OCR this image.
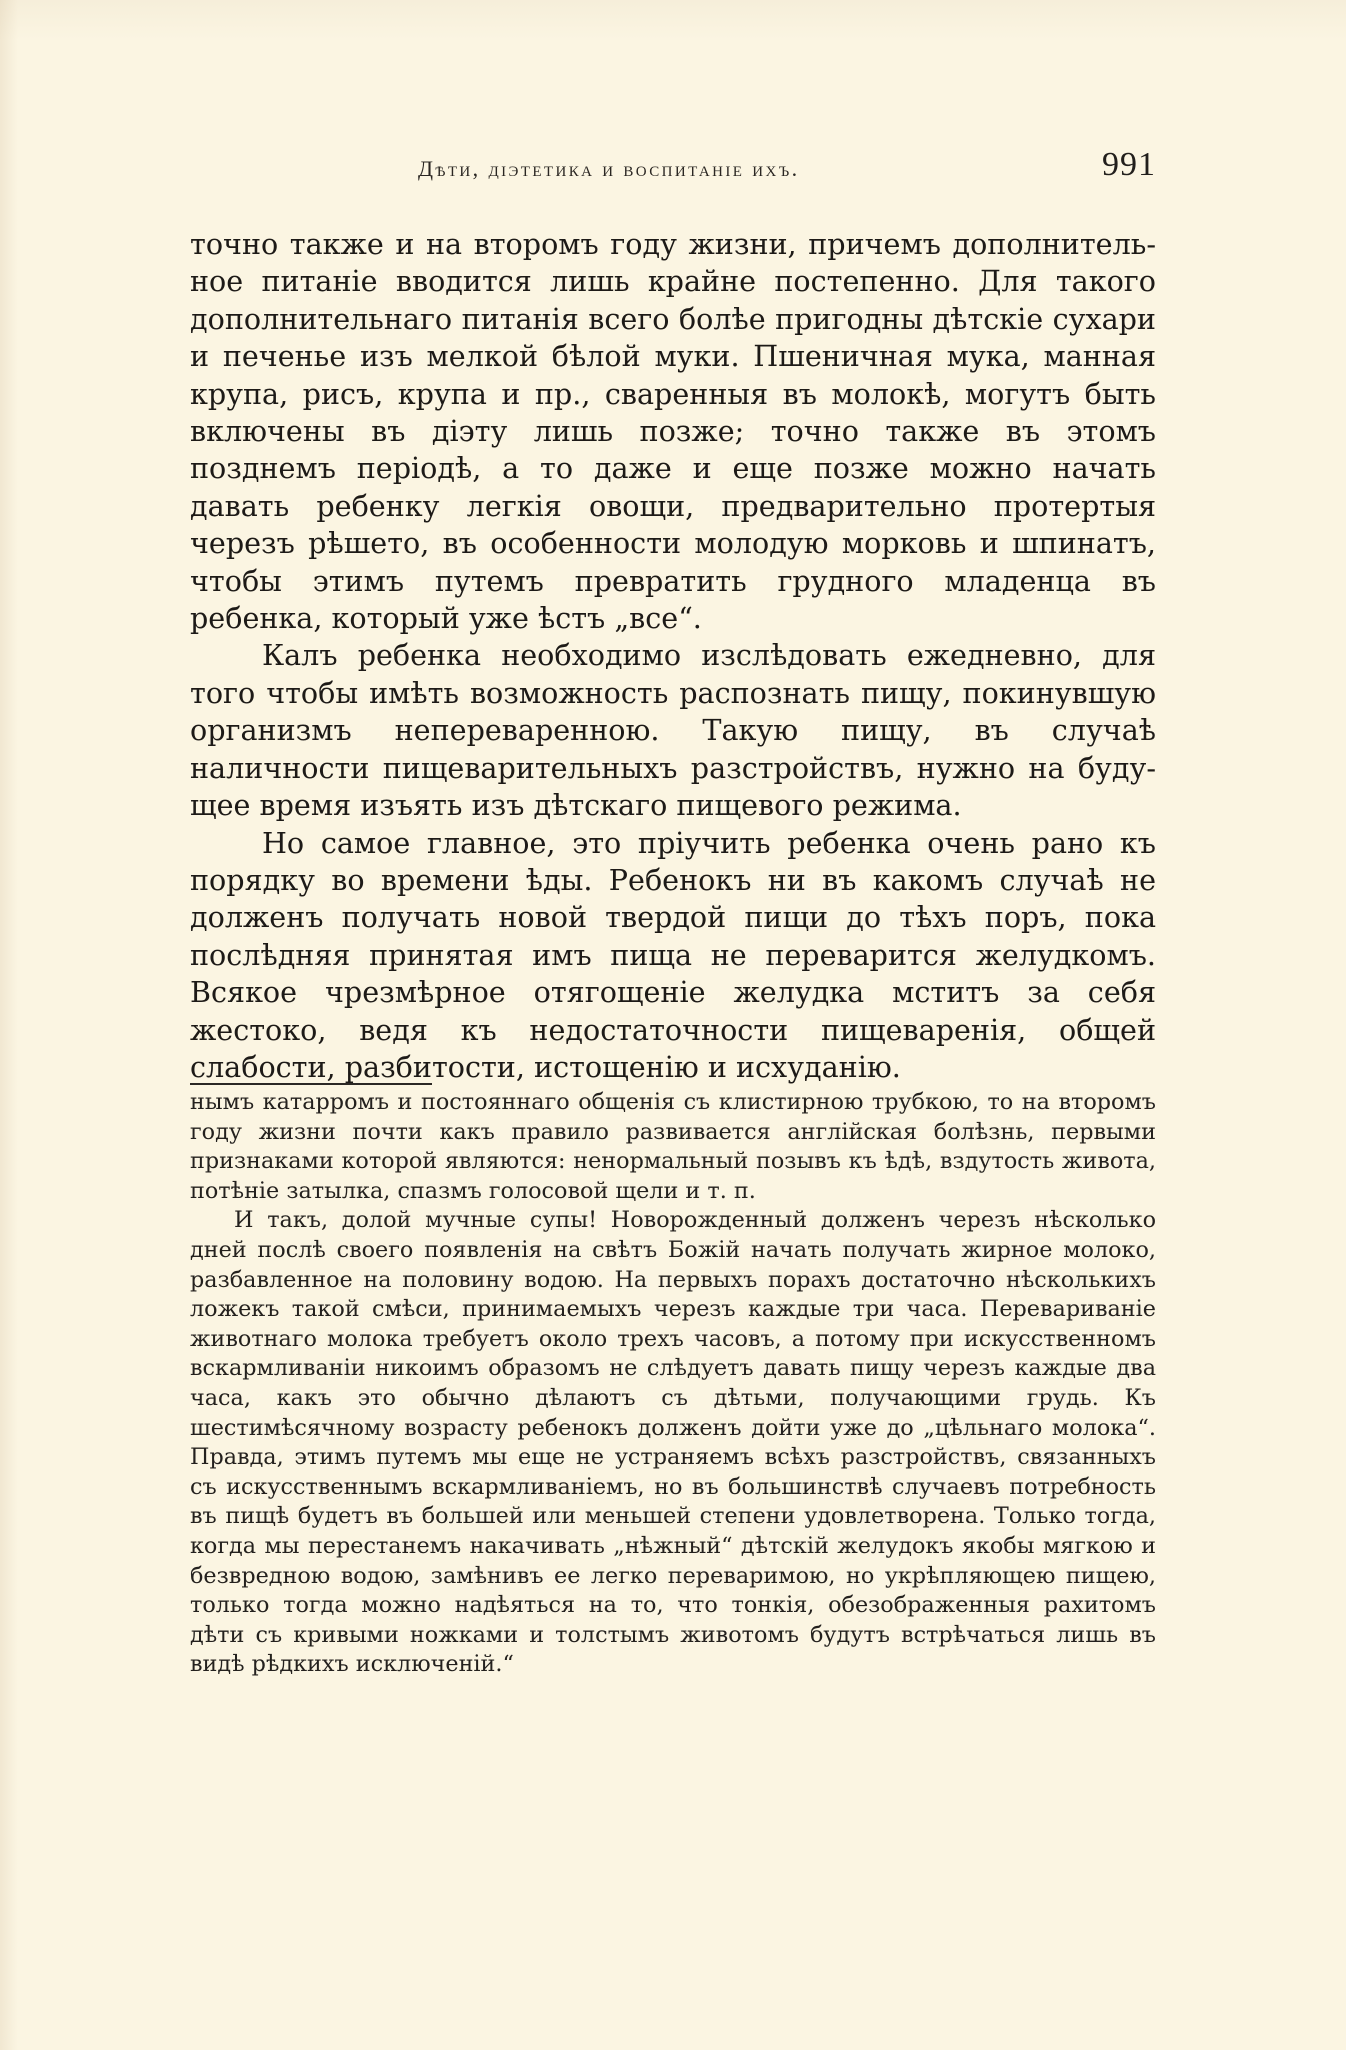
Дѣти, діэтетика и воспитаніе ихъ.	991

точно также и на второмъ году жизни, причемъ дополнительное питаніе вводится лишь крайне постепенно. Для такого дополнительнаго питанія всего болѣе пригодны дѣтскіе сухари и печенье изъ мелкой бѣлой муки. Пшеничная мука, манная крупа, рисъ, крупа и пр., сваренныя въ молокѣ, могутъ быть включены въ діэту лишь позже; точно также въ этомъ позднемъ періодѣ, а то даже и еще позже можно начать давать ребенку легкія овощи, предварительно протертыя черезъ рѣшето, въ особенности молодую морковь и шпинатъ, чтобы этимъ путемъ превратить грудного младенца въ ребенка, который уже ѣстъ „все“.

Калъ ребенка необходимо изслѣдовать ежедневно, для того чтобы имѣть возможность распознать пищу, покинувшую организмъ непереваренною. Такую пищу, въ случаѣ наличности пищеварительныхъ разстройствъ, нужно на будущее время изъять изъ дѣтскаго пищевого режима.

Но самое главное, это пріучить ребенка очень рано къ порядку во времени ѣды. Ребенокъ ни въ какомъ случаѣ не долженъ получать новой твердой пищи до тѣхъ поръ, пока послѣдняя принятая имъ пища не переварится желудкомъ. Всякое чрезмѣрное отягощеніе желудка мститъ за себя жестоко, ведя къ недостаточности пищеваренія, общей слабости, разбитости, истощенію и исхуданію.

нымъ катарромъ и постояннаго общенія съ клистирною трубкою, то на второмъ году жизни почти какъ правило развивается англійская болѣзнь, первыми признаками которой являются: ненормальный позывъ къ ѣдѣ, вздутость живота, потѣніе затылка, спазмъ голосовой щели и т. п.

И такъ, долой мучные супы! Новорожденный долженъ черезъ нѣсколько дней послѣ своего появленія на свѣтъ Божій начать получать жирное молоко, разбавленное на половину водою. На первыхъ порахъ достаточно нѣсколькихъ ложекъ такой смѣси, принимаемыхъ черезъ каждые три часа. Перевариваніе животнаго молока требуетъ около трехъ часовъ, а потому при искусственномъ вскармливаніи никоимъ образомъ не слѣдуетъ давать пищу черезъ каждые два часа, какъ это обычно дѣлаютъ съ дѣтьми, получающими грудь. Къ шестимѣсячному возрасту ребенокъ долженъ дойти уже до „цѣльнаго молока“. Правда, этимъ путемъ мы еще не устраняемъ всѣхъ разстройствъ, связанныхъ съ искусственнымъ вскармливаніемъ, но въ большинствѣ случаевъ потребность въ пищѣ будетъ въ большей или меньшей степени удовлетворена. Только тогда, когда мы перестанемъ накачивать „нѣжный“ дѣтскій желудокъ якобы мягкою и безвредною водою, замѣнивъ ее легко переваримою, но укрѣпляющею пищею, только тогда можно надѣяться на то, что тонкія, обезображенныя рахитомъ дѣти съ кривыми ножками и толстымъ животомъ будутъ встрѣчаться лишь въ видѣ рѣдкихъ исключеній.“
